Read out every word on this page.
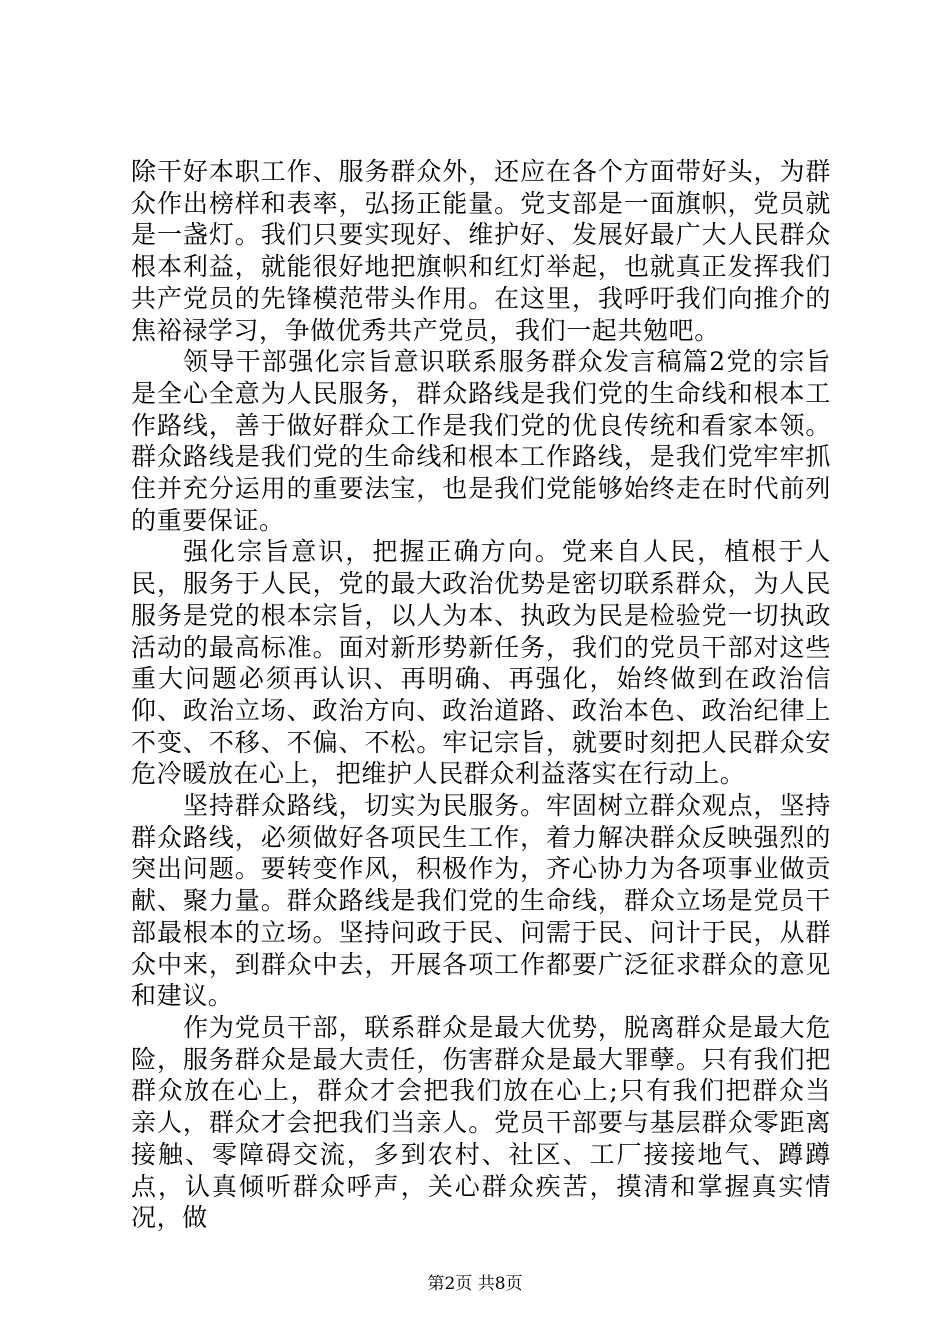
除干好本职工作、服务群众外，还应在各个方面带好头，为群众作出榜样和表率，弘扬正能量。党支部是一面旗帜，党员就是一盏灯。我们只要实现好、维护好、发展好最广大人民群众根本利益，就能很好地把旗帜和红灯举起，也就真正发挥我们共产党员的先锋模范带头作用。在这里，我呼吁我们向推介的焦裕禄学习，争做优秀共产党员，我们一起共勉吧。

领导干部强化宗旨意识联系服务群众发言稿篇2党的宗旨是全心全意为人民服务，群众路线是我们党的生命线和根本工作路线，善于做好群众工作是我们党的优良传统和看家本领。群众路线是我们党的生命线和根本工作路线，是我们党牢牢抓住并充分运用的重要法宝，也是我们党能够始终走在时代前列的重要保证。

强化宗旨意识，把握正确方向。党来自人民，植根于人民，服务于人民，党的最大政治优势是密切联系群众，为人民服务是党的根本宗旨，以人为本、执政为民是检验党一切执政活动的最高标准。面对新形势新任务，我们的党员干部对这些重大问题必须再认识、再明确、再强化，始终做到在政治信仰、政治立场、政治方向、政治道路、政治本色、政治纪律上不变、不移、不偏、不松。牢记宗旨，就要时刻把人民群众安危冷暖放在心上，把维护人民群众利益落实在行动上。

坚持群众路线，切实为民服务。牢固树立群众观点，坚持群众路线，必须做好各项民生工作，着力解决群众反映强烈的突出问题。要转变作风，积极作为，齐心协力为各项事业做贡献、聚力量。群众路线是我们党的生命线，群众立场是党员干部最根本的立场。坚持问政于民、问需于民、问计于民，从群众中来，到群众中去，开展各项工作都要广泛征求群众的意见和建议。

作为党员干部，联系群众是最大优势，脱离群众是最大危险，服务群众是最大责任，伤害群众是最大罪孽。只有我们把群众放在心上，群众才会把我们放在心上;只有我们把群众当亲人，群众才会把我们当亲人。党员干部要与基层群众零距离接触、零障碍交流，多到农村、社区、工厂接接地气、蹲蹲点，认真倾听群众呼声，关心群众疾苦，摸清和掌握真实情况，做

第2页 共8页
